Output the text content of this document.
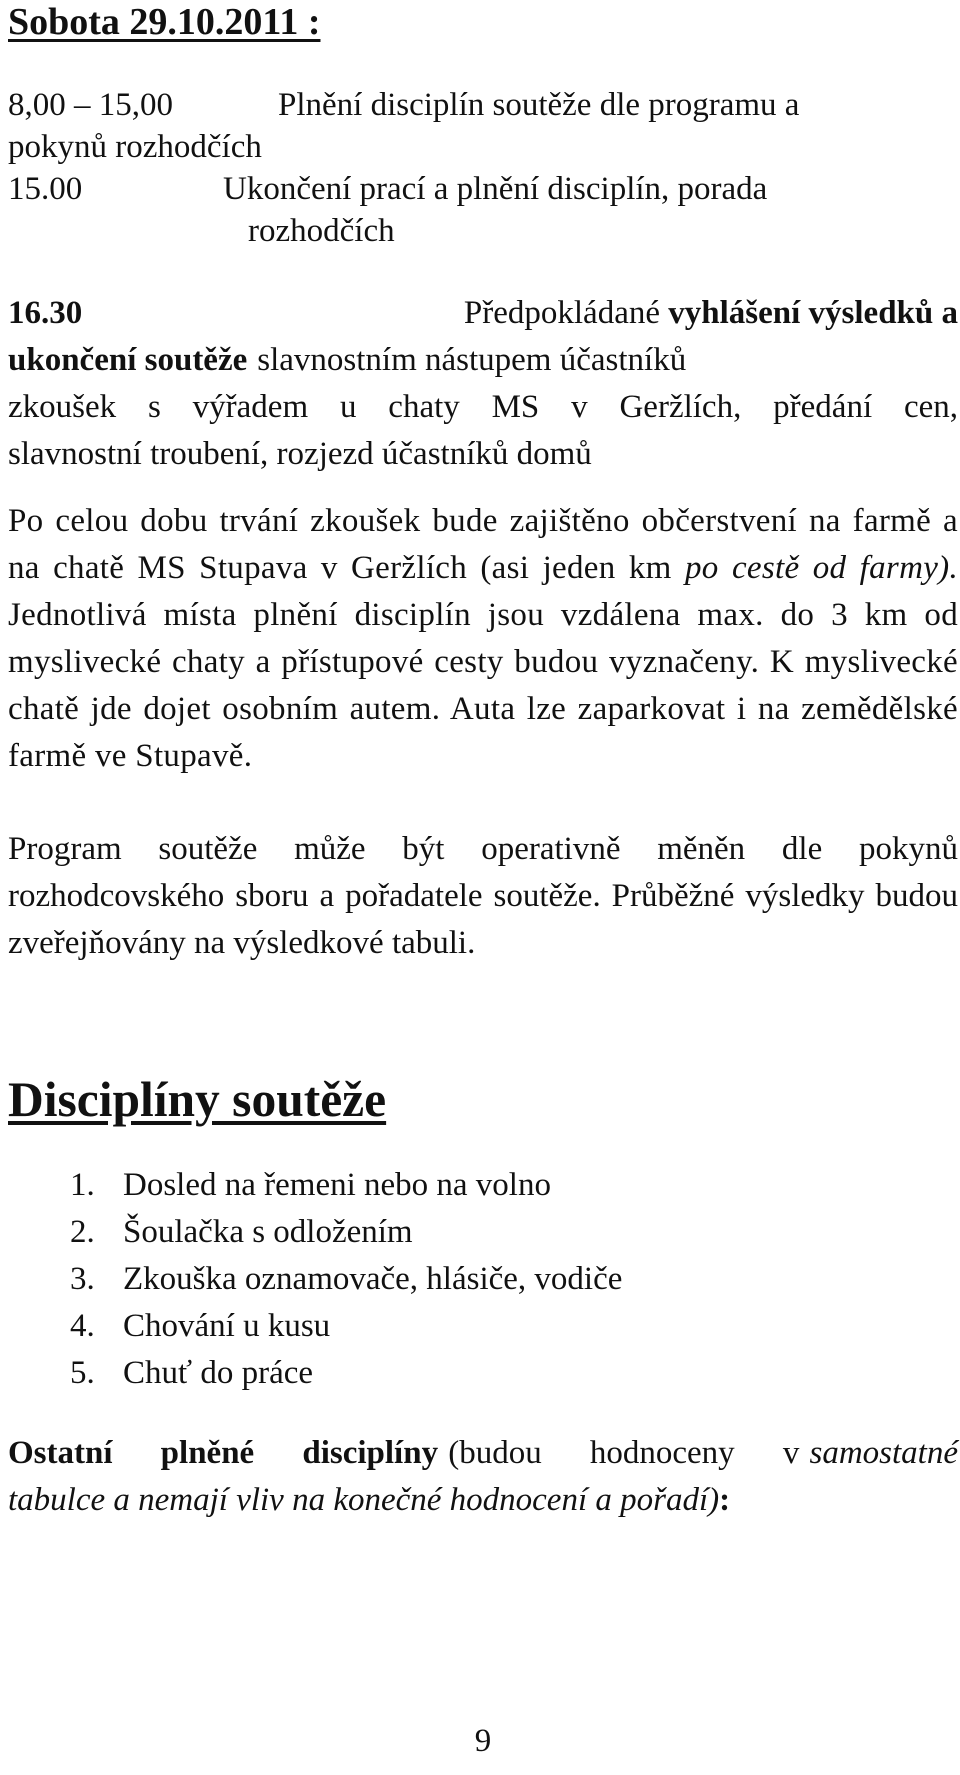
Sobota 29.10.2011 :

8,00 – 15,00	Plnění disciplín soutěže dle programu a

pokynů rozhodčích

15.00	Ukončení prací a plnění disciplín, porada

rozhodčích

16.30	Předpokládané vyhlášení výsledků a
ukončení soutěže slavnostním nástupem účastníků
zkoušek s výřadem u chaty MS v Geržlích, předání cen,
slavnostní troubení, rozjezd účastníků domů

Po celou dobu trvání zkoušek bude zajištěno občerstvení na farmě a na chatě MS Stupava v Geržlích (asi jeden km po cestě od farmy). Jednotlivá místa plnění disciplín jsou vzdálena max. do 3 km od myslivecké chaty a přístupové cesty budou vyznačeny. K myslivecké chatě jde dojet osobním autem. Auta lze zaparkovat i na zemědělské farmě ve Stupavě.

Program soutěže může být operativně měněn dle pokynů rozhodcovského sboru a pořadatele soutěže. Průběžné výsledky budou zveřejňovány na výsledkové tabuli.

Disciplíny soutěže
1. Dosled na řemeni nebo na volno
2. Šoulačka s odložením
3. Zkouška oznamovače, hlásiče, vodiče
4. Chování u kusu
5. Chuť do práce

Ostatní plněné disciplíny (budou hodnoceny v samostatné tabulce a nemají vliv na konečné hodnocení a pořadí):

9
